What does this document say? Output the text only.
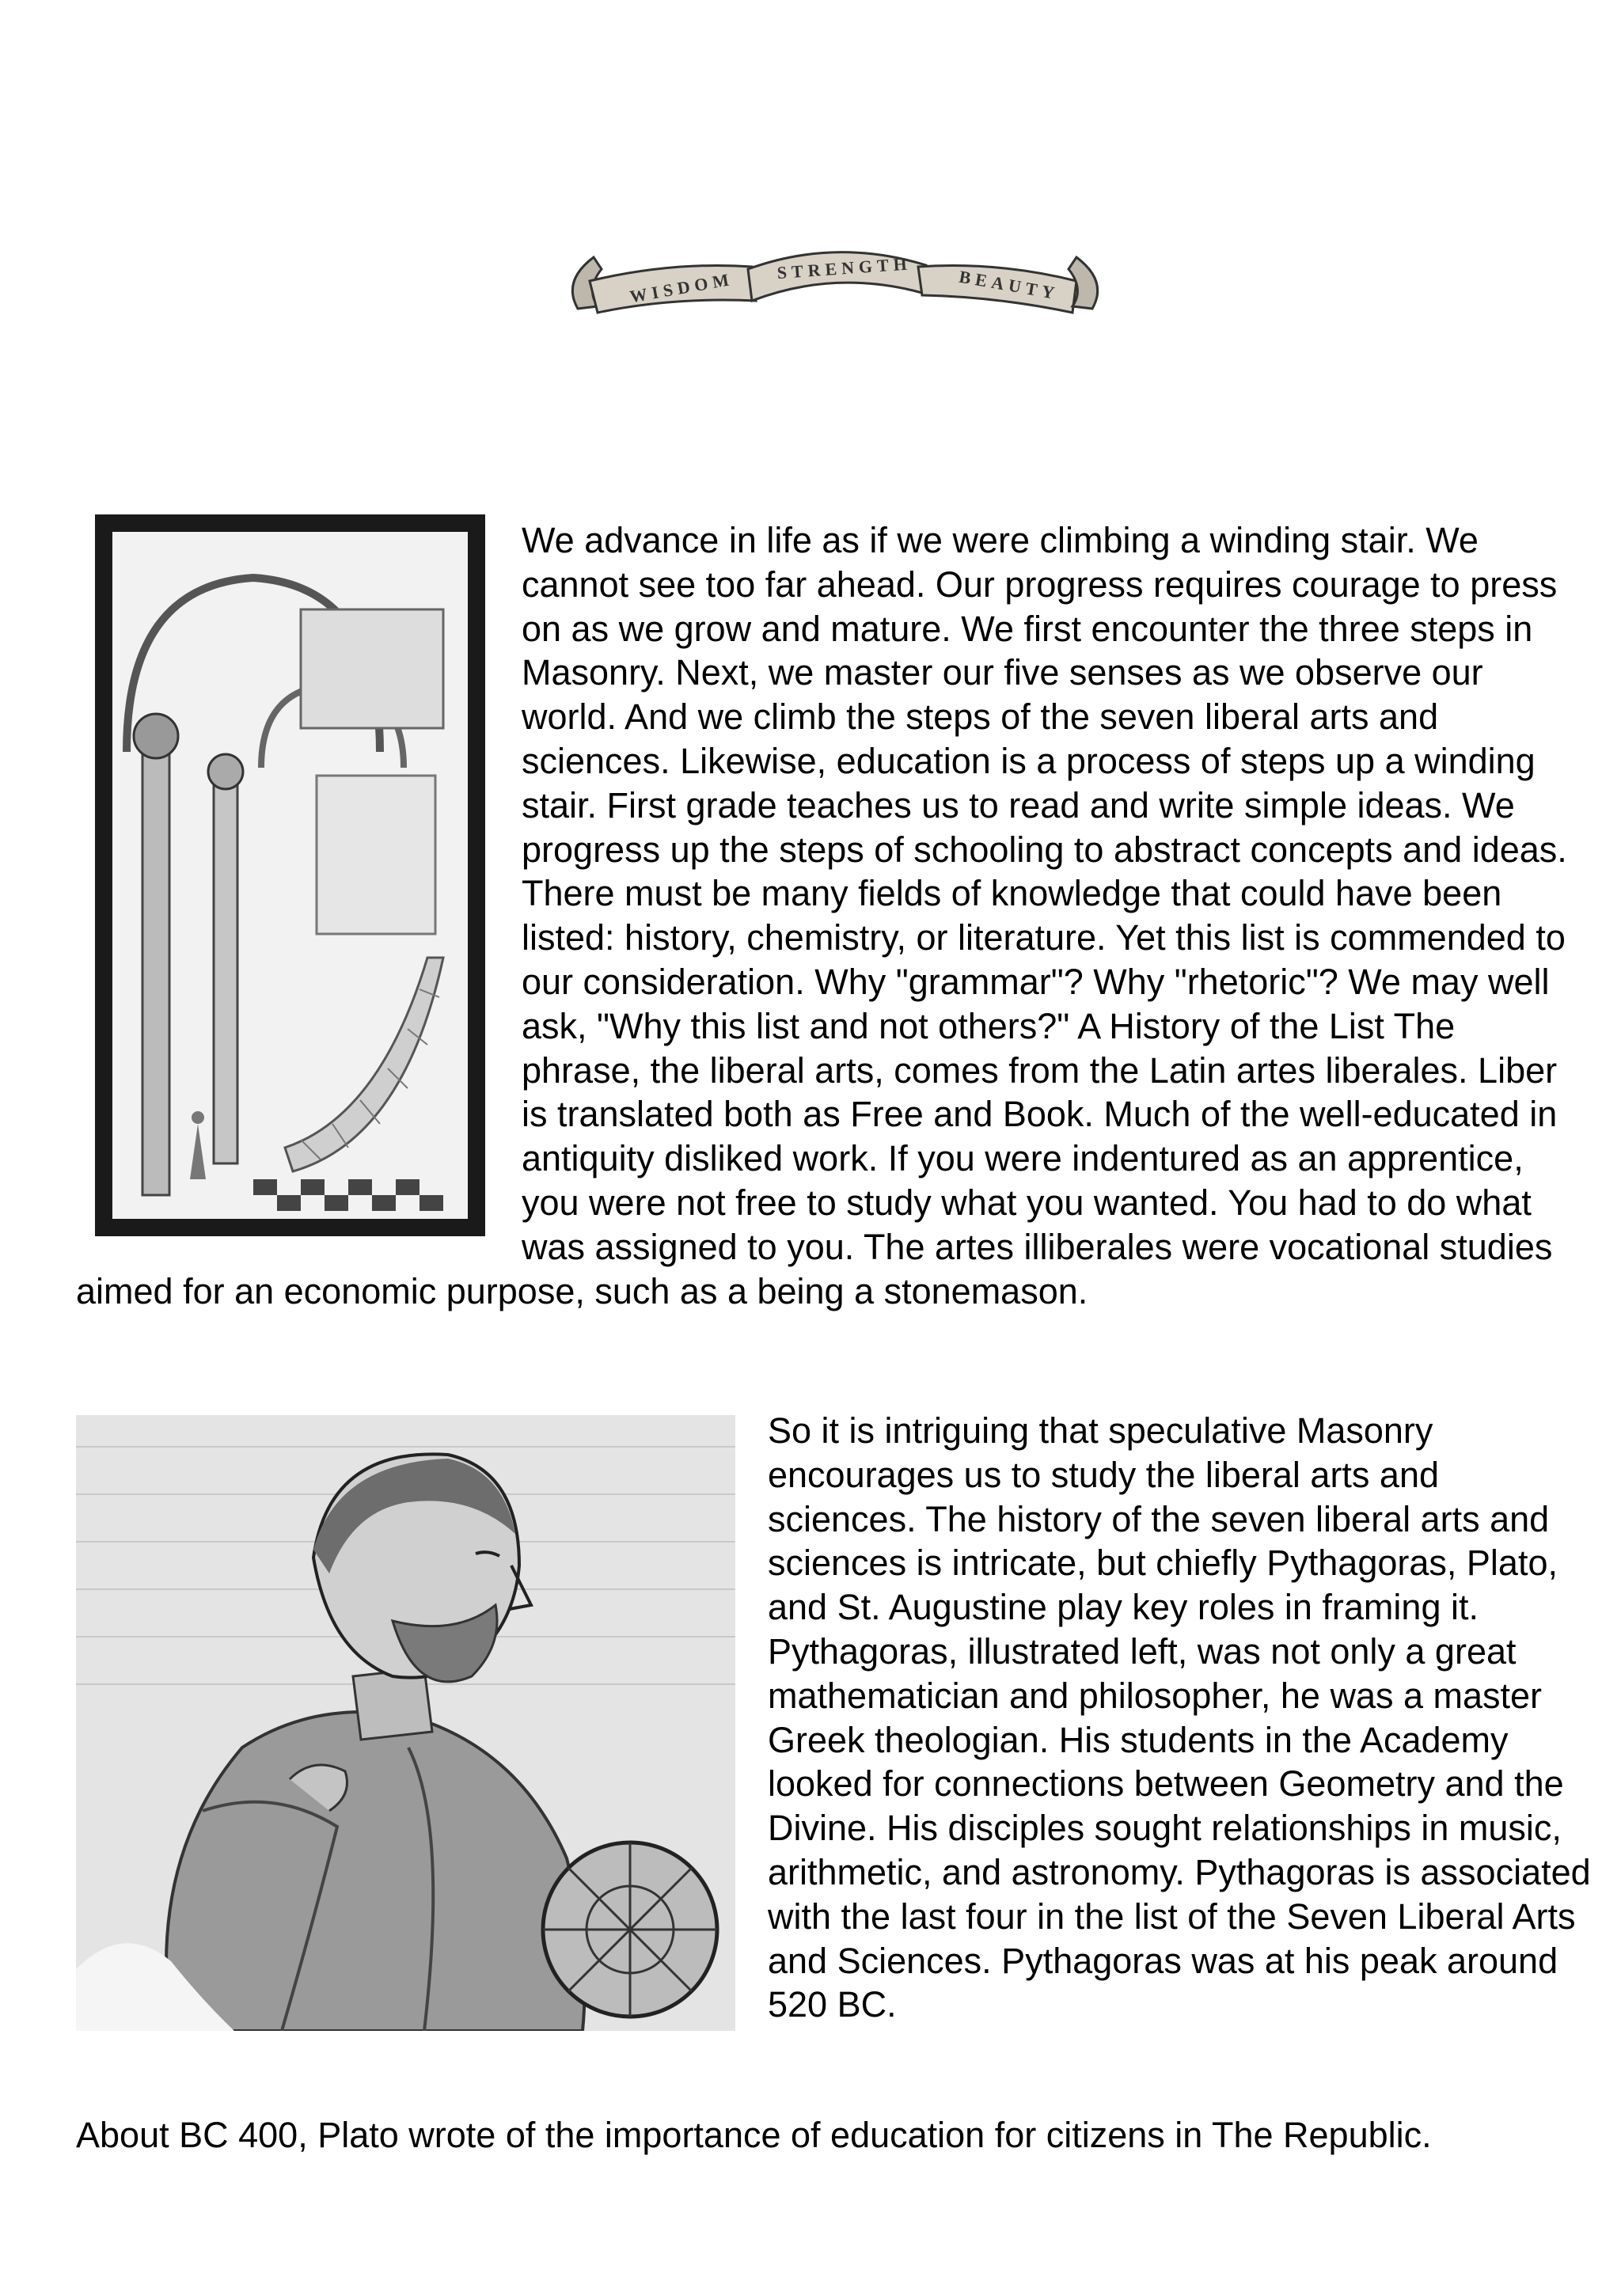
WISDOM
STRENGTH	BEAUTY

We advance in life as if we were climbing a winding stair. We cannot see too far ahead. Our progress requires courage to press on as we grow and mature. We first encounter the three steps in Masonry. Next, we master our five senses as we observe our world. And we climb the steps of the seven liberal arts and sciences. Likewise, education is a process of steps up a winding stair. First grade teaches us to read and write simple ideas. We progress up the steps of schooling to abstract concepts and ideas. There must be many fields of knowledge that could have been listed: history, chemistry, or literature. Yet this list is commended to our consideration. Why "grammar"? Why "rhetoric"? We may well ask, "Why this list and not others?" A History of the List The phrase, the liberal arts, comes from the Latin artes liberales. Liber is translated both as Free and Book. Much of the well-educated in antiquity disliked work. If you were indentured as an apprentice, you were not free to study what you wanted. You had to do what was assigned to you. The artes illiberales were vocational studies aimed for an economic purpose, such as a being a stonemason.

So it is intriguing that speculative Masonry encourages us to study the liberal arts and sciences. The history of the seven liberal arts and sciences is intricate, but chiefly Pythagoras, Plato, and St. Augustine play key roles in framing it. Pythagoras, illustrated left, was not only a great mathematician and philosopher, he was a master Greek theologian. His students in the Academy looked for connections between Geometry and the Divine. His disciples sought relationships in music, arithmetic, and astronomy. Pythagoras is associated with the last four in the list of the Seven Liberal Arts and Sciences. Pythagoras was at his peak around 520 BC.

About BC 400, Plato wrote of the importance of education for citizens in The Republic.
